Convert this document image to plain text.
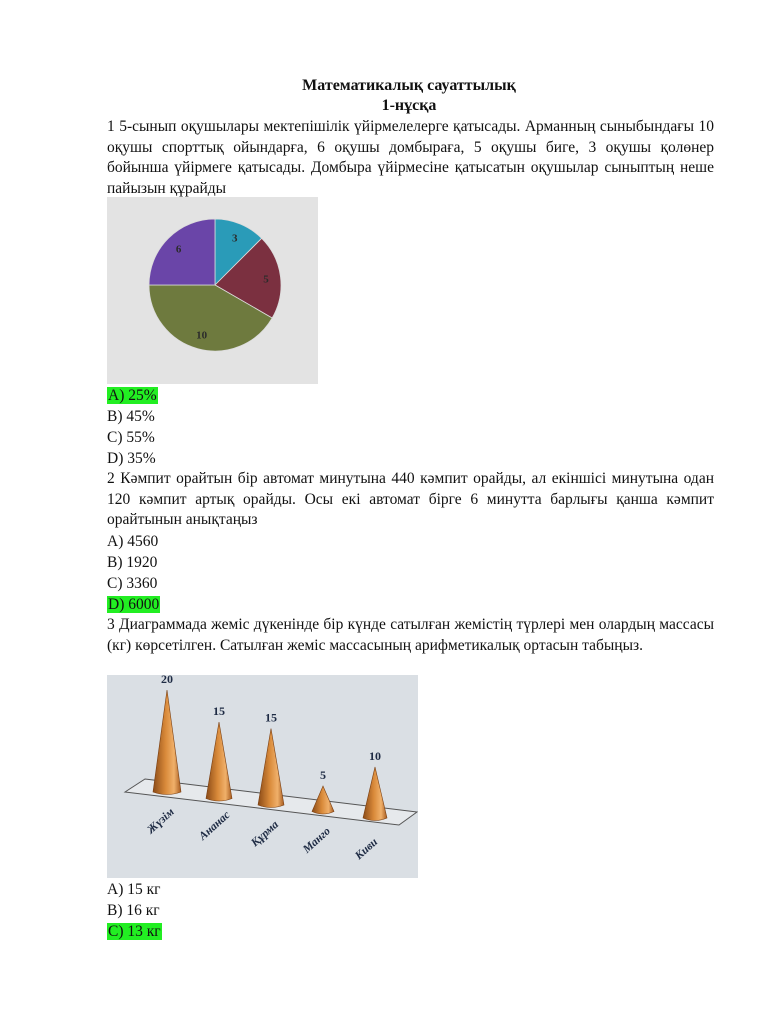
Математикалық сауаттылық
1-нұсқа
1 5-сынып оқушылары мектепішілік үйірмелелерге қатысады. Арманның сыныбындағы 10 оқушы спорттық ойындарға, 6 оқушы домбыраға, 5 оқушы биге, 3 оқушы қолөнер бойынша үйірмеге қатысады. Домбыра үйірмесіне қатысатын оқушылар сыныптың неше пайызын құрайды
3
5
10
6
A) 25%
B) 45%
C) 55%
D) 35%
2 Кәмпит орайтын бір автомат минутына 440 кәмпит орайды, ал екіншісі минутына одан 120 кәмпит артық орайды. Осы екі автомат бірге 6 минутта барлығы қанша кәмпит орайтынын анықтаңыз
A) 4560
B) 1920
C) 3360
D) 6000
3 Диаграммада жеміс дүкенінде бір күнде сатылған жемістің түрлері мен олардың массасы (кг) көрсетілген. Сатылған жеміс массасының арифметикалық ортасын табыңыз.
20
Жүзім
15
Ананас
15
Құрма
5
Манго
10
Киви
A) 15 кг
B) 16 кг
C) 13 кг
